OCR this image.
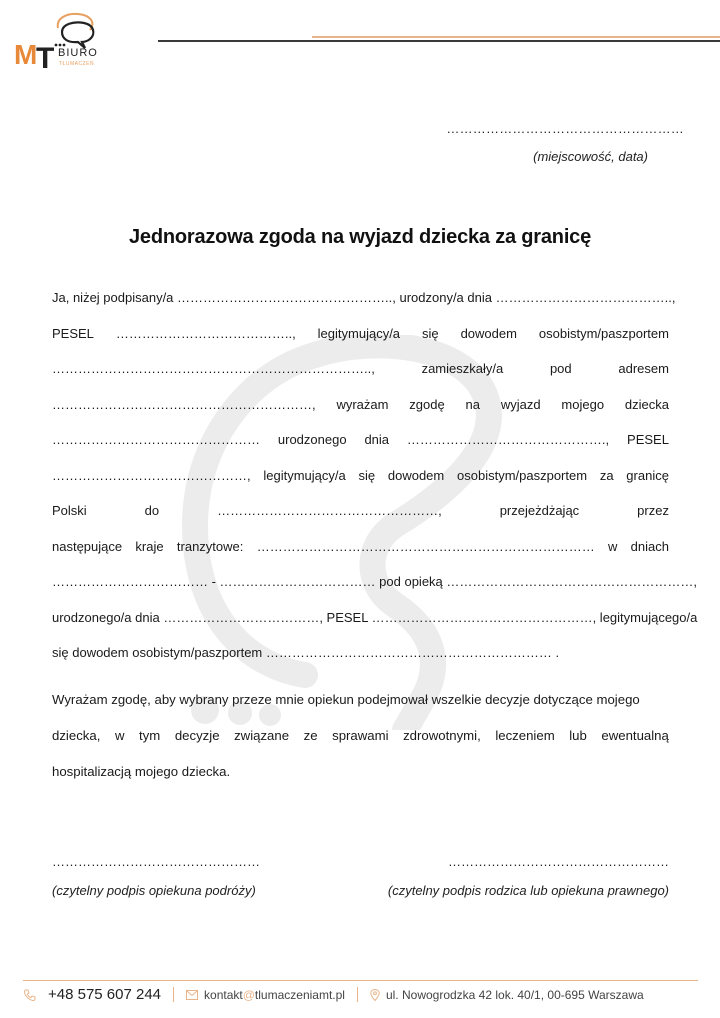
M
T BIURO
TŁUMACZEŃ
………………………………………………
(miejscowość, data)
Jednorazowa zgoda na wyjazd dziecka za granicę
Ja, niżej podpisany/a ………………………………………….., urodzony/a dnia …………………………………..,
PESEL ………………………………….., legitymujący/a się dowodem osobistym/paszportem
………………………………………………………………..,	zamieszkały/a	pod	adresem
……………………………………………………, wyrażam zgodę na wyjazd mojego dziecka
………………………………………… urodzonego dnia ………………………………………., PESEL
………………………………………, legitymujący/a się dowodem osobistym/paszportem za granicę
Polski	do	……………………………………………,	przejeżdżając	przez
następujące kraje tranzytowe: …………………………………………………………………… w dniach
……………………………… - ……………………………… pod opieką …………………………………………………,
urodzonego/a dnia ………………………………, PESEL ……………………………………………, legitymującego/a
się dowodem osobistym/paszportem ………………………………………………………… .
Wyrażam zgodę, aby wybrany przeze mnie opiekun podejmował wszelkie decyzje dotyczące mojego
dziecka, w tym decyzje związane ze sprawami zdrowotnymi, leczeniem lub ewentualną
hospitalizacją mojego dziecka.
…………………………………………
(czytelny podpis opiekuna podróży)
……………………………………………
(czytelny podpis rodzica lub opiekuna prawnego)
+48 575 607 244	kontakt@tlumaczeniamt.pl	ul. Nowogrodzka 42 lok. 40/1, 00-695 Warszawa
